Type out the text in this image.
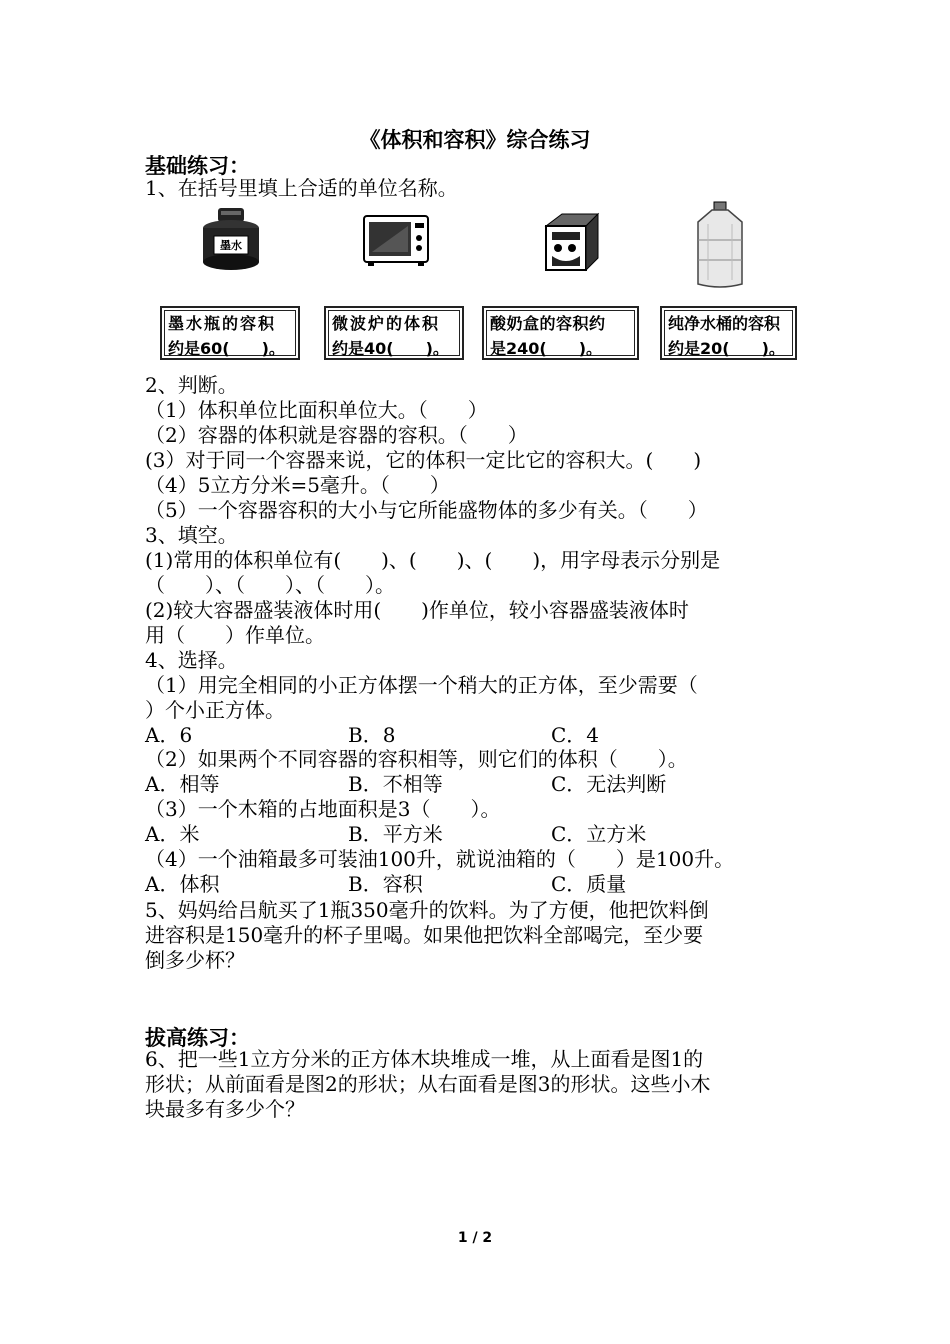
《体积和容积》综合练习
基础练习：
1、在括号里填上合适的单位名称。
墨水
墨水瓶的容积
约是60(　　)。
微波炉的体积
约是40(　　)。
酸奶盒的容积约
是240(　　)。
纯净水桶的容积
约是20(　　)。
2、判断。
（1）体积单位比面积单位大。（　　）
（2）容器的体积就是容器的容积。（　　）
(3）对于同一个容器来说，它的体积一定比它的容积大。(　　)
（4）5立方分米=5毫升。（　　）
（5）一个容器容积的大小与它所能盛物体的多少有关。（　　）
3、填空。
(1)常用的体积单位有(　　)、(　　)、(　　)，用字母表示分别是
（　　）、（　　）、（　　）。
(2)较大容器盛装液体时用(　　)作单位，较小容器盛装液体时
用（　　）作单位。
4、选择。
（1）用完全相同的小正方体摆一个稍大的正方体，至少需要（
）个小正方体。
A．6	B．8	C．4
（2）如果两个不同容器的容积相等，则它们的体积（　　）。
A．相等	B．不相等	C．无法判断
（3）一个木箱的占地面积是3（　　）。
A．米	B．平方米	C．立方米
（4）一个油箱最多可装油100升，就说油箱的（　　）是100升。
A．体积	B．容积	C．质量
5、妈妈给吕航买了1瓶350毫升的饮料。为了方便，他把饮料倒
进容积是150毫升的杯子里喝。如果他把饮料全部喝完，至少要
倒多少杯？
拔高练习：
6、把一些1立方分米的正方体木块堆成一堆，从上面看是图1的
形状；从前面看是图2的形状；从右面看是图3的形状。这些小木
块最多有多少个？
1 / 2
